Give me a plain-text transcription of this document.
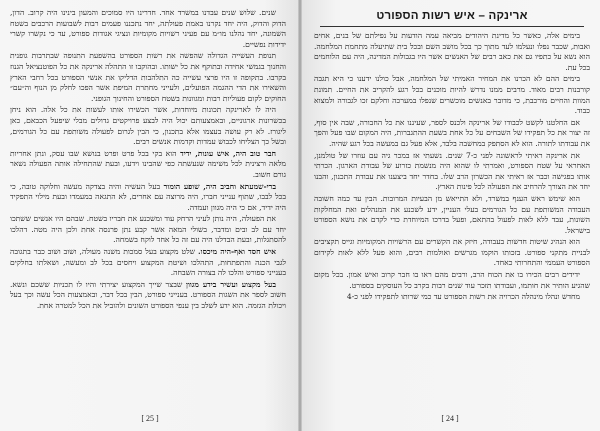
שנים. שלוש שנים עבדנו במשרד אחד. חדרינו היו סמוכים והמעון בינינו היה קרוב. הדון, הדוק והדוק, היה יחד נקרנו באמת פעולתה, יחד נתכננו פעמים רבות לשבועות הרכבים בשטח השמונה, יחד נהלנו מו״מ עם פעיני רשויות מקומיות ונציגי אגודות ספורט, עד כי נקשרו קשרי ידידות נפשיים.

תנופת העשייה הגדולה שהפשה את רשות הספורט בהשפעת התנופה שבתרבות גופנית והחנוך בגמשי אחידה ובתוקף את כל ישותו. ובהוקבו זו התהלה ארינקה את כל הפוטנציאל הגנוז בקרבו. בתקופה זו היו פרצי עשייה כה התלהבות הדליקו את אנשי הספורט בכל רחבי הארץ והשאירו את הדי ההגמה הפועלים, ולעייני מחתרת המיפת אשר הפכו לחלק מן הנוף וה״עם״ החוקים לקום פעוליות רבות ומגוונות בשטח הספורט והחינוך הגופני.

היה לו לארינקה תכונות מיוחדות, אשר הכשירו אותו לעשות את כל אלה. הוא ניחן בכשרונות ארגוניים, ובאמצעותם יכול היה לבצע פרויקטים גדולים מבלי שיפעל הכבאם, כאן ליגורז. לא רק עושה בעצמו אלא בתכנון, כי הבין לגרום לפעולה משותפת עם כל הגורמים, ובשל כך הצליחו לכבוש עמדות וקדמות אנשים רבים.

חבר טוב היה, איש עונות, ידיד הוא בקי בכל פרט ופרט בנושא שבו עסק, ונתן אחריות מלאה ורצינית לכל משימה שנעשתה כפי שהבינו וידעו, ובעת שהתחילה אותה הפעולה נשאר גורם חשוב.

ברי-שמעתא וחביב היה, שופע הומור בעל העשיה והיה בצדקה מעשה וחלוקה טובה, כי בכל לבבו, שתוף ענייני חברו, היה מרוצה עם אחרים, לא התגאה במעמדו ובעת מילוי התפקיד היה ידיד, אם כי היה מגוון ועמדה.

את הפעולה, היה נותן לעיני הרחק עוד ומשכנע את חבריו בשטח. שבהם היו אנשים ששתכו יחד עם לב ובים ומדבר, בשולי המאה אשר קבע נתן פרנסה אחת ולכן היה מטה. דהלכו להסתגלות, ובעת הבדלנו היה עם זה כל אחד לוקח בשמחה.

איש חסד ואף-היה מיכסו. שלט מקצוע בעל סמכות משנה מעולה, ושוב ושוב כבר בתגובה לגבי הכנה והתפתחות, התהלכו ושיטת המקצוע ויחסים בכל לב ומעשה, ושאלתו בחלקים בענייני ספורט והלכו לה בצורה השבחה.

בעל מקצוע ועשיר בידע מגוון שבצר שייך המקצוע יצירתי והיו לו תכניות ששכם ונשא. חשוב לספר את השגות הספורט. בענייני ספורט, הבין בכל דבר, ובאמצעות הכל עשה וכך בעל ויכולת הגזמה. הוא ידע לשלב בין ענפי הספורט השונים ולהוביל את הכל למטרה אחת.

[ 25 ]
ארינקה – איש רשות הספורט

בימים אלה, כאשר כל מדינת היהודים מביאה עמה הודעות על נפילתם של בנים, אחים ואבות, שכבר נפלו ונעלמו לעד מתוך כך בכל מושב השם ובכל בית שתיעלה מתחמת המלחמה. הוא נשא על כתפיו גם את כאב רבים של האנשים אשר היו בגבולות המדינה, היה עם הלוחמים בכל עת.

בימים ההם לא הכרנו את המחיר האמיתי של המלחמה, אבל כולנו ידענו כי היא תגבה קורבנות רבים מאוד. מרבים ממנו נדרש להיות מוכנים בכל רגע להקריב את החיים. תמונת המוות והחיים מורכבת, כי מדובר באנשים מוכשרים שנפלו במערכה וחלקם זכו לגבורה ולמצוא כבוד.

אם החלטנו לקשט לכבודו של ארינקה ולכנס לספר, שעיננו את כל החבורה, שבה אין סוף, זה יצור את כל תפקידו של השבחים על כל אחת בשעת ההתגברות, היה המקום שבו פעל והפך את עבודתו לתורה. הוא לא הסתפק במחשבה בלבד, אלא פעל גם במעשה בכל רגע שהיה.

את ארינקה ראיתי לראשונה לפני כ-7 שנים. נשעתי אז במכר גיה עם עוזרו של טולמנן, האחראי על שטח הספורט, ואמרתי לו שהוא היה מנשמת כזרוע של עבודת הארגון. הכרתי אותו בפגישה וכבר אז ראיתי את הכשרון הרב שלו. בחדר יחד ביצענו את עבודת התכנון, והבנו יחד את הצורך להרחיב את הפעולה לכל פינות הארץ.

הוא שימש ראש הענף במשרד, ולא התייאש מן הבעיות המרובות. הבין עד כמה חשובה העבודה המשותפת עם כל הגורמים בעלי העניין, ידע לשכנע את המנהלים ואת המחלקות השונות, עבד ללא לאות לפעול בהתאם, ופעל בדרכו המיוחדת כדי לקדם את נושא הספורט בישראל.

הוא הנהיג שיטות חדשות בעבודה, חיזק את הקשרים עם הרשויות המקומיות וגייס תקציבים לבניית מתקני ספורט. בזכותו הוקמו מגרשים ואולמות רבים, והוא פעל ללא לאות לקידום הספורט העממי והתחרותי כאחד.

ידידים רבים הכירו בו את הכוח הרב, ורבים מהם ראו בו חבר קרוב ואיש אמון. בכל מקום שהגיע הותיר את חותמו, ועבודתו תזכר עוד שנים רבות בקרב כל העוסקים בספורט.

מחדש ונהלו מינהלה הכרויה את רשות הספורט עד כמי שרותו לתפקידו לפני כ-4

[ 24 ]
